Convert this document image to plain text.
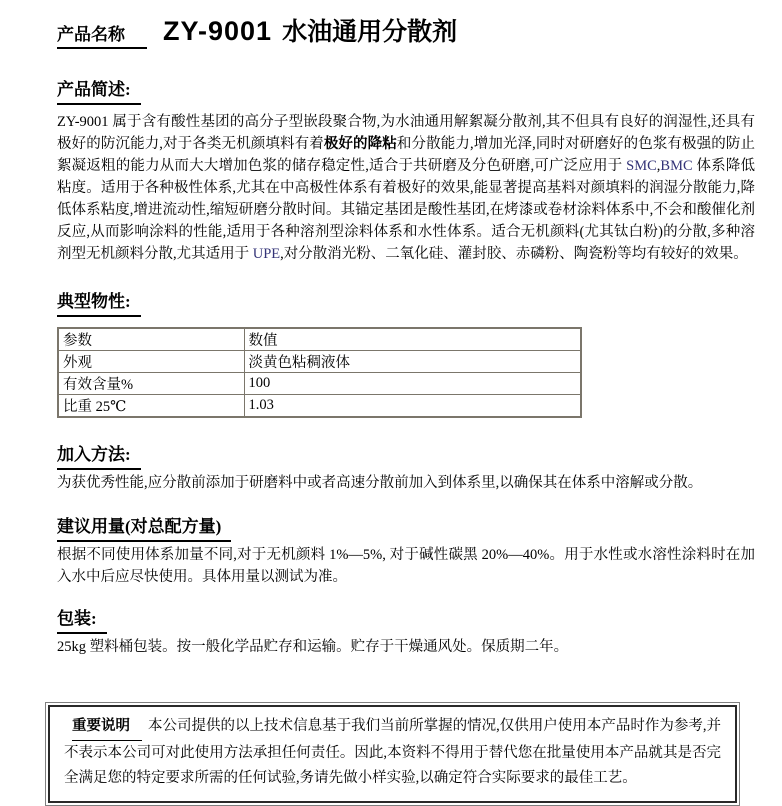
产品名称	ZY-9001 水油通用分散剂
产品简述:
ZY-9001 属于含有酸性基团的高分子型嵌段聚合物,为水油通用解絮凝分散剂,其不但具有良好的润湿性,还具有极好的防沉能力,对于各类无机颜填料有着极好的降粘和分散能力,增加光泽,同时对研磨好的色浆有极强的防止絮凝返粗的能力从而大大增加色浆的储存稳定性,适合于共研磨及分色研磨,可广泛应用于 SMC,BMC 体系降低粘度。适用于各种极性体系,尤其在中高极性体系有着极好的效果,能显著提高基料对颜填料的润湿分散能力,降低体系粘度,增进流动性,缩短研磨分散时间。其锚定基团是酸性基团,在烤漆或卷材涂料体系中,不会和酸催化剂反应,从而影响涂料的性能,适用于各种溶剂型涂料体系和水性体系。适合无机颜料(尤其钛白粉)的分散,多种溶剂型无机颜料分散,尤其适用于 UPE,对分散消光粉、二氧化硅、灌封胶、赤磷粉、陶瓷粉等均有较好的效果。
典型物性:
参数	数值
外观	淡黄色粘稠液体
有效含量%	100
比重 25℃	1.03
加入方法:
为获优秀性能,应分散前添加于研磨料中或者高速分散前加入到体系里,以确保其在体系中溶解或分散。
建议用量(对总配方量)
根据不同使用体系加量不同,对于无机颜料 1%—5%, 对于碱性碳黑 20%—40%。用于水性或水溶性涂料时在加入水中后应尽快使用。具体用量以测试为准。
包装:
25kg 塑料桶包装。按一般化学品贮存和运输。贮存于干燥通风处。保质期二年。
重要说明 本公司提供的以上技术信息基于我们当前所掌握的情况,仅供用户使用本产品时作为参考,并不表示本公司可对此使用方法承担任何责任。因此,本资料不得用于替代您在批量使用本产品就其是否完全满足您的特定要求所需的任何试验,务请先做小样实验,以确定符合实际要求的最佳工艺。
